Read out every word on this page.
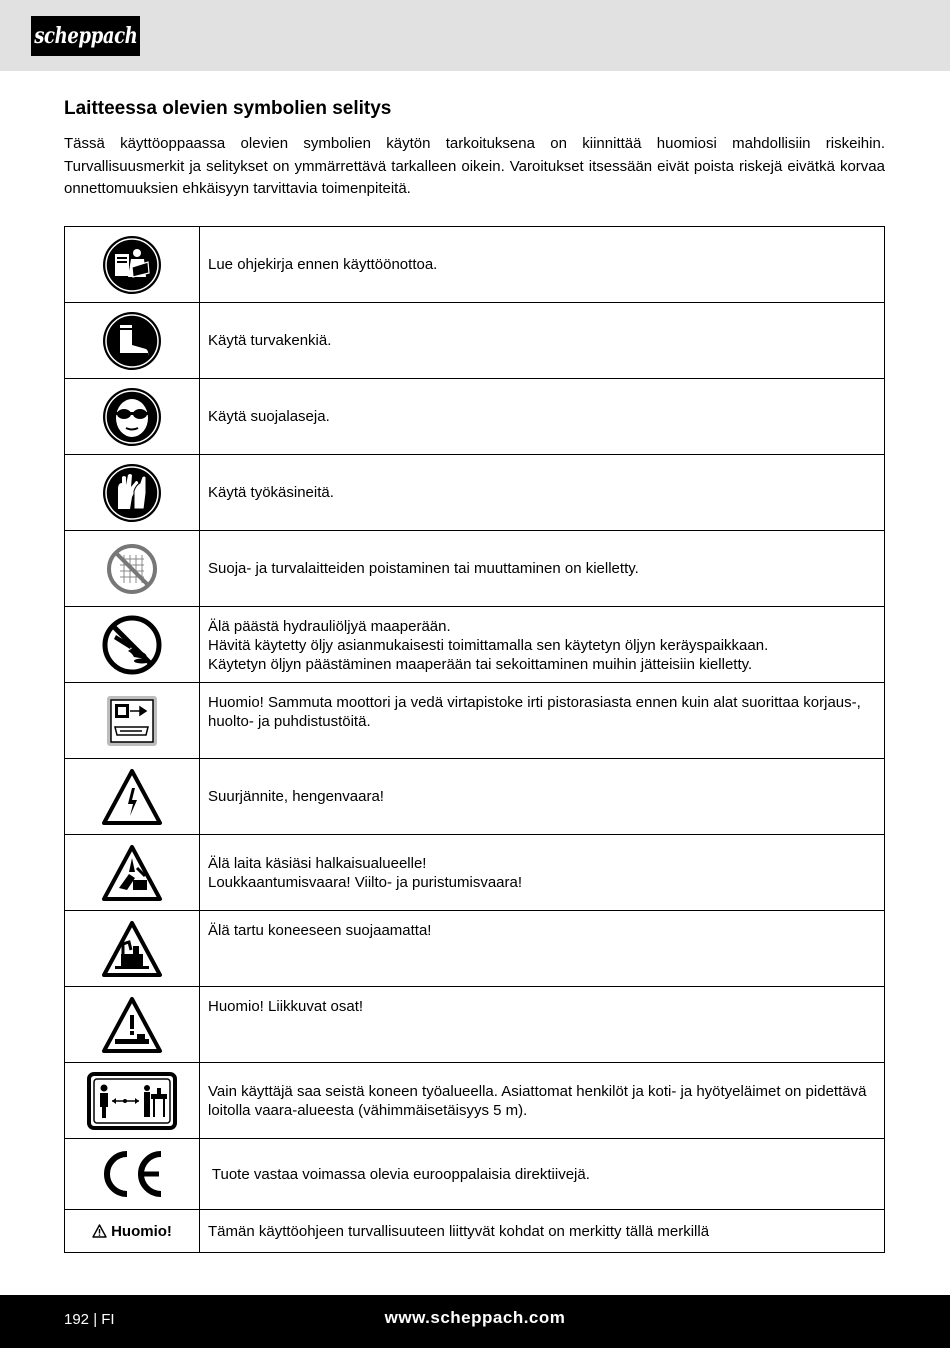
scheppach
Laitteessa olevien symbolien selitys

Tässä käyttöoppaassa olevien symbolien käytön tarkoituksena on kiinnittää huomiosi mahdollisiin riskeihin. Turvallisuusmerkit ja selitykset on ymmärrettävä tarkalleen oikein. Varoitukset itsessään eivät poista riskejä eivätkä korvaa onnettomuuksien ehkäisyyn tarvittavia toimenpiteitä.

Lue ohjekirja ennen käyttöönottoa.
Käytä turvakenkiä.
Käytä suojalaseja.
Käytä työkäsineitä.
Suoja- ja turvalaitteiden poistaminen tai muuttaminen on kielletty.
Älä päästä hydrauliöljyä maaperään.
Hävitä käytetty öljy asianmukaisesti toimittamalla sen käytetyn öljyn keräyspaikkaan.
Käytetyn öljyn päästäminen maaperään tai sekoittaminen muihin jätteisiin kielletty.
Huomio! Sammuta moottori ja vedä virtapistoke irti pistorasiasta ennen kuin alat suorittaa korjaus-, huolto- ja puhdistustöitä.
Suurjännite, hengenvaara!
Älä laita käsiäsi halkaisualueelle!
Loukkaantumisvaara! Viilto- ja puristumisvaara!
Älä tartu koneeseen suojaamatta!
Huomio! Liikkuvat osat!
Vain käyttäjä saa seistä koneen työalueella. Asiattomat henkilöt ja koti- ja hyötyeläimet on pidettävä loitolla vaara-alueesta (vähimmäisetäisyys 5 m).
Tuote vastaa voimassa olevia eurooppalaisia direktiivejä.
Huomio! Tämän käyttöohjeen turvallisuuteen liittyvät kohdat on merkitty tällä merkillä
192 | FI	www.scheppach.com
